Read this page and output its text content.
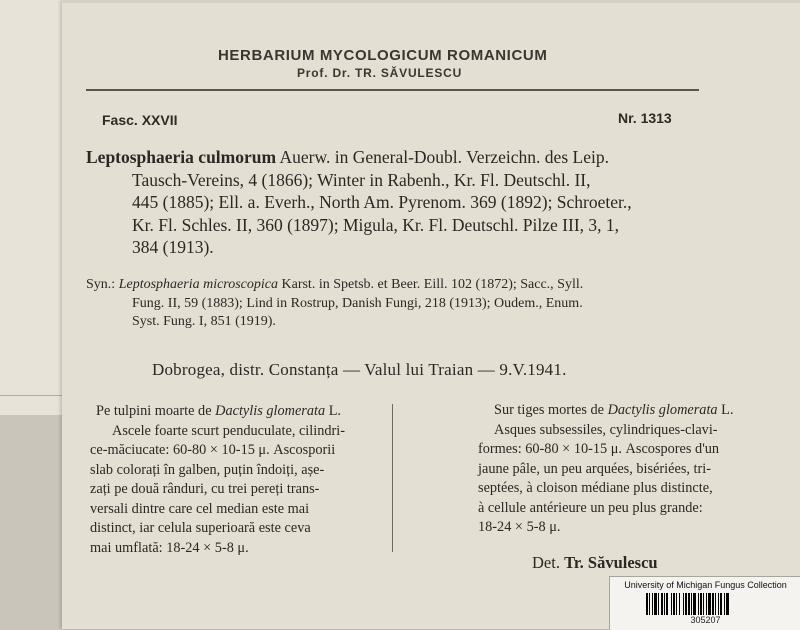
HERBARIUM MYCOLOGICUM ROMANICUM
Prof. Dr. TR. SĂVULESCU
Fasc. XXVII	Nr. 1313
Leptosphaeria culmorum Auerw. in General-Doubl. Verzeichn. des Leip.
Tausch-Vereins, 4 (1866); Winter in Rabenh., Kr. Fl. Deutschl. II,
445 (1885); Ell. a. Everh., North Am. Pyrenom. 369 (1892); Schroeter.,
Kr. Fl. Schles. II, 360 (1897); Migula, Kr. Fl. Deutschl. Pilze III, 3, 1,
384 (1913).
Syn.: Leptosphaeria microscopica Karst. in Spetsb. et Beer. Eill. 102 (1872); Sacc., Syll.
Fung. II, 59 (1883); Lind in Rostrup, Danish Fungi, 218 (1913); Oudem., Enum.
Syst. Fung. I, 851 (1919).
Dobrogea, distr. Constanța — Valul lui Traian — 9.V.1941.
Pe tulpini moarte de Dactylis glomerata L.
Ascele foarte scurt penduculate, cilindri-
ce-măciucate: 60-80 × 10-15 μ. Ascosporii
slab colorați în galben, puțin îndoiți, așe-
zați pe două rânduri, cu trei pereți trans-
versali dintre care cel median este mai
distinct, iar celula superioară este ceva
mai umflată: 18-24 × 5-8 μ.
Sur tiges mortes de Dactylis glomerata L.
Asques subsessiles, cylindriques-clavi-
formes: 60-80 × 10-15 μ. Ascospores d'un
jaune pâle, un peu arquées, bisériées, tri-
septées, à cloison médiane plus distincte,
à cellule antérieure un peu plus grande:
18-24 × 5-8 μ.
Det. Tr. Săvulescu
University of Michigan Fungus Collection
305207
